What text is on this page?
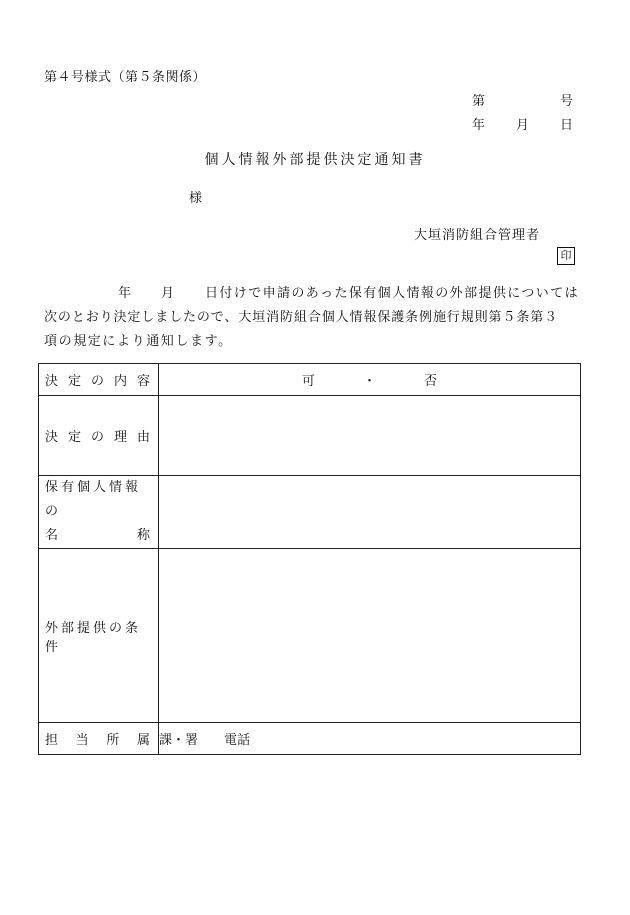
第４号様式（第５条関係）
第	号
年 月 日
個人情報外部提供決定通知書
様
大垣消防組合管理者
印
年 月 日付けで申請のあった保有個人情報の外部提供については
次のとおり決定しましたので、大垣消防組合個人情報保護条例施行規則第５条第３
項の規定により通知します。
決 定 の 内 容	可 ・ 否

決 定 の 理 由	

保有個人情報の
名 称	

外部提供の条件	

担 当 所 属	課・署 電話
